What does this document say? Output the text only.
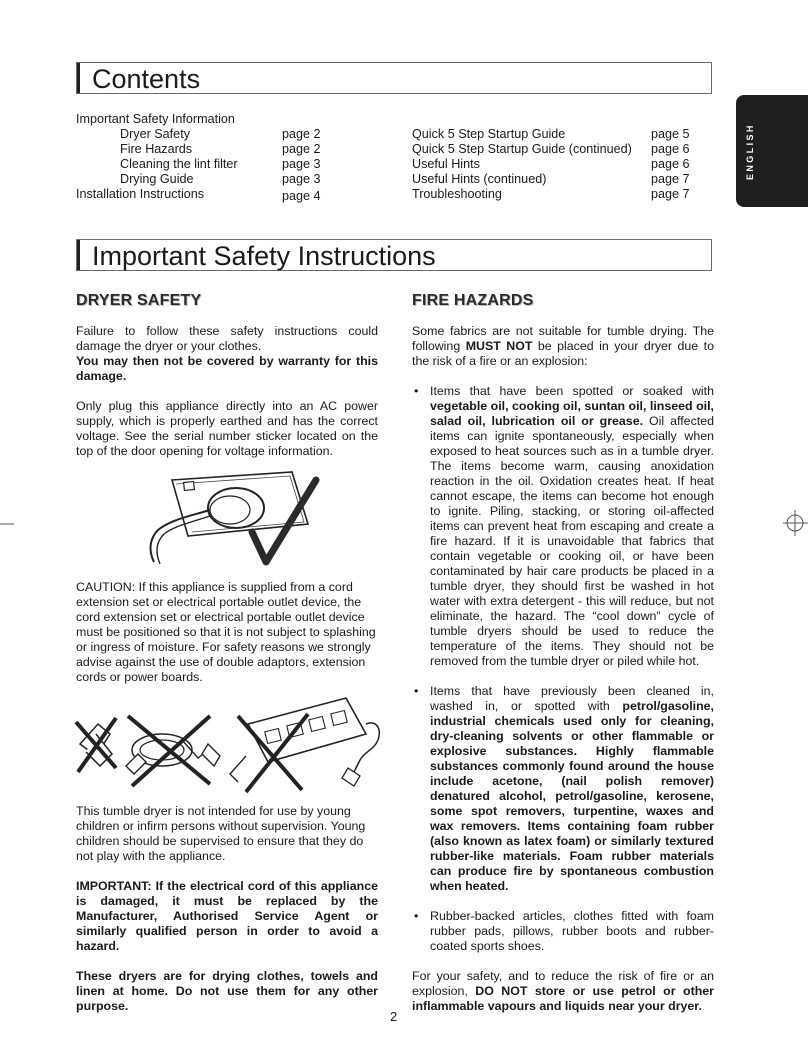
ENGLISH
Contents
Important Safety Information
Dryer Safety	page 2
Fire Hazards	page 2
Cleaning the lint filter	page 3
Drying Guide	page 3
Installation Instructions	page 4
Quick 5 Step Startup Guide	page 5
Quick 5 Step Startup Guide (continued) page 6
Useful Hints	page 6
Useful Hints (continued)	page 7
Troubleshooting	page 7
Important Safety Instructions
DRYER SAFETY	FIRE HAZARDS

Failure to follow these safety instructions could damage the dryer or your clothes.
You may then not be covered by warranty for this damage.

Only plug this appliance directly into an AC power supply, which is properly earthed and has the correct voltage. See the serial number sticker located on the top of the door opening for voltage information.

CAUTION: If this appliance is supplied from a cord extension set or electrical portable outlet device, the cord extension set or electrical portable outlet device must be positioned so that it is not subject to splashing or ingress of moisture. For safety reasons we strongly advise against the use of double adaptors, extension cords or power boards.

This tumble dryer is not intended for use by young children or infirm persons without supervision. Young children should be supervised to ensure that they do not play with the appliance.

IMPORTANT: If the electrical cord of this appliance is damaged, it must be replaced by the Manufacturer, Authorised Service Agent or similarly qualified person in order to avoid a hazard.

These dryers are for drying clothes, towels and linen at home. Do not use them for any other purpose.

Some fabrics are not suitable for tumble drying. The following MUST NOT be placed in your dryer due to the risk of a fire or an explosion:

• Items that have been spotted or soaked with vegetable oil, cooking oil, suntan oil, linseed oil, salad oil, lubrication oil or grease. Oil affected items can ignite spontaneously, especially when exposed to heat sources such as in a tumble dryer. The items become warm, causing anoxidation reaction in the oil. Oxidation creates heat. If heat cannot escape, the items can become hot enough to ignite. Piling, stacking, or storing oil-affected items can prevent heat from escaping and create a fire hazard. If it is unavoidable that fabrics that contain vegetable or cooking oil, or have been contaminated by hair care products be placed in a tumble dryer, they should first be washed in hot water with extra detergent - this will reduce, but not eliminate, the hazard. The “cool down” cycle of tumble dryers should be used to reduce the temperature of the items. They should not be removed from the tumble dryer or piled while hot.
• Items that have previously been cleaned in, washed in, or spotted with petrol/gasoline, industrial chemicals used only for cleaning, dry-cleaning solvents or other flammable or explosive substances. Highly flammable substances commonly found around the house include acetone, (nail polish remover) denatured alcohol, petrol/gasoline, kerosene, some spot removers, turpentine, waxes and wax removers. Items containing foam rubber (also known as latex foam) or similarly textured rubber-like materials. Foam rubber materials can produce fire by spontaneous combustion when heated.
• Rubber-backed articles, clothes fitted with foam rubber pads, pillows, rubber boots and rubber-coated sports shoes.

For your safety, and to reduce the risk of fire or an explosion, DO NOT store or use petrol or other inflammable vapours and liquids near your dryer.

2
